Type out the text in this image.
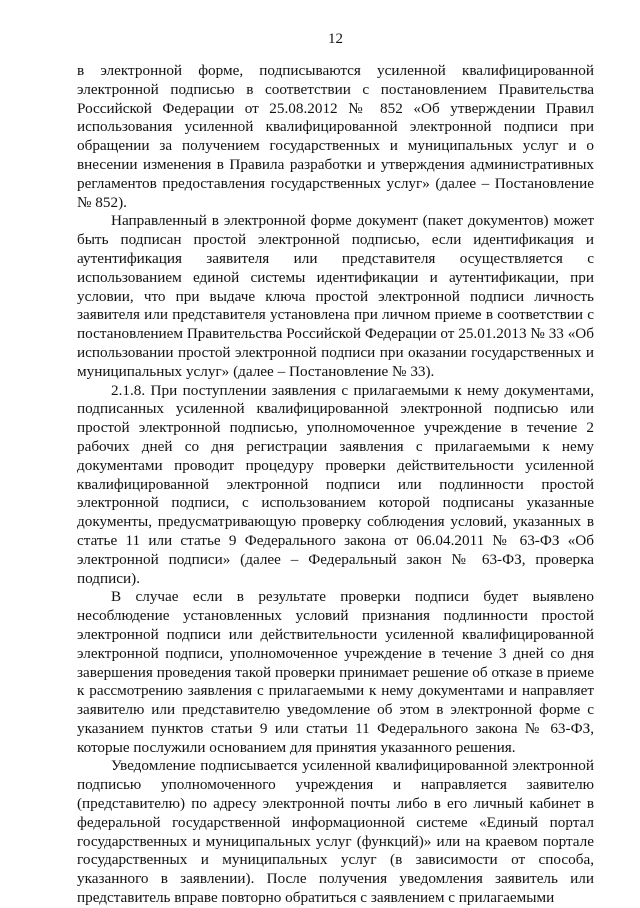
12

в электронной форме, подписываются усиленной квалифицированной электронной подписью в соответствии с постановлением Правительства Российской Федерации от 25.08.2012 № 852 «Об утверждении Правил использования усиленной квалифицированной электронной подписи при обращении за получением государственных и муниципальных услуг и о внесении изменения в Правила разработки и утверждения административных регламентов предоставления государственных услуг» (далее – Постановление № 852).

Направленный в электронной форме документ (пакет документов) может быть подписан простой электронной подписью, если идентификация и аутентификация заявителя или представителя осуществляется с использованием единой системы идентификации и аутентификации, при условии, что при выдаче ключа простой электронной подписи личность заявителя или представителя установлена при личном приеме в соответствии с постановлением Правительства Российской Федерации от 25.01.2013 № 33 «Об использовании простой электронной подписи при оказании государственных и муниципальных услуг» (далее – Постановление № 33).

2.1.8. При поступлении заявления с прилагаемыми к нему документами, подписанных усиленной квалифицированной электронной подписью или простой электронной подписью, уполномоченное учреждение в течение 2 рабочих дней со дня регистрации заявления с прилагаемыми к нему документами проводит процедуру проверки действительности усиленной квалифицированной электронной подписи или подлинности простой электронной подписи, с использованием которой подписаны указанные документы, предусматривающую проверку соблюдения условий, указанных в статье 11 или статье 9 Федерального закона от 06.04.2011 № 63-ФЗ «Об электронной подписи» (далее – Федеральный закон № 63-ФЗ, проверка подписи).

В случае если в результате проверки подписи будет выявлено несоблюдение установленных условий признания подлинности простой электронной подписи или действительности усиленной квалифицированной электронной подписи, уполномоченное учреждение в течение 3 дней со дня завершения проведения такой проверки принимает решение об отказе в приеме к рассмотрению заявления с прилагаемыми к нему документами и направляет заявителю или представителю уведомление об этом в электронной форме с указанием пунктов статьи 9 или статьи 11 Федерального закона № 63-ФЗ, которые послужили основанием для принятия указанного решения.

Уведомление подписывается усиленной квалифицированной электронной подписью уполномоченного учреждения и направляется заявителю (представителю) по адресу электронной почты либо в его личный кабинет в федеральной государственной информационной системе «Единый портал государственных и муниципальных услуг (функций)» или на краевом портале государственных и муниципальных услуг (в зависимости от способа, указанного в заявлении). После получения уведомления заявитель или представитель вправе повторно обратиться с заявлением с прилагаемыми
